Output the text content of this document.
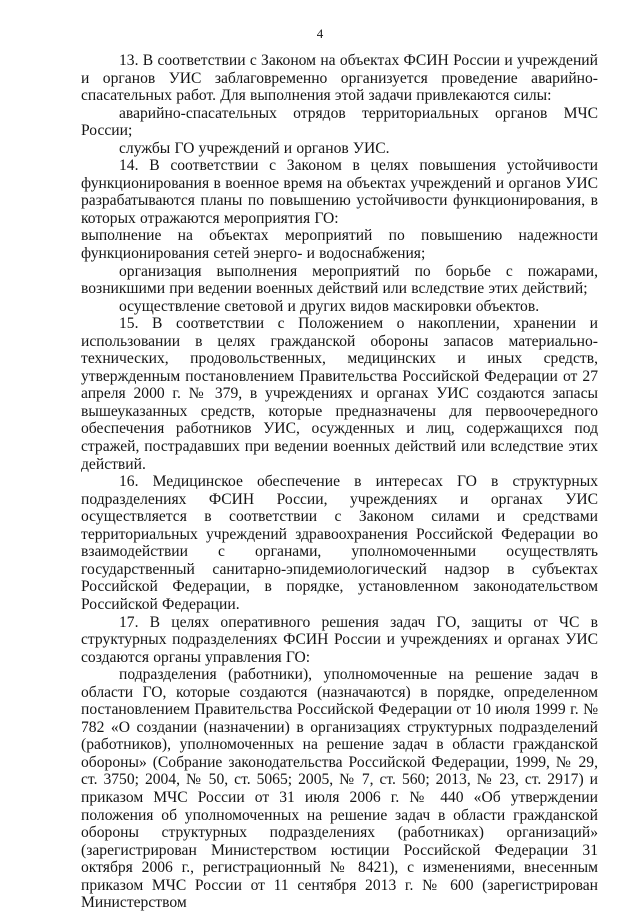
4

13. В соответствии с Законом на объектах ФСИН России и учреждений и органов УИС заблаговременно организуется проведение аварийно-спасательных работ. Для выполнения этой задачи привлекаются силы:

аварийно-спасательных отрядов территориальных органов МЧС России;

службы ГО учреждений и органов УИС.

14. В соответствии с Законом в целях повышения устойчивости функционирования в военное время на объектах учреждений и органов УИС разрабатываются планы по повышению устойчивости функционирования, в которых отражаются мероприятия ГО:

выполнение на объектах мероприятий по повышению надежности функционирования сетей энерго- и водоснабжения;

организация выполнения мероприятий по борьбе с пожарами, возникшими при ведении военных действий или вследствие этих действий;

осуществление световой и других видов маскировки объектов.

15. В соответствии с Положением о накоплении, хранении и использовании в целях гражданской обороны запасов материально-технических, продовольственных, медицинских и иных средств, утвержденным постановлением Правительства Российской Федерации от 27 апреля 2000 г. № 379, в учреждениях и органах УИС создаются запасы вышеуказанных средств, которые предназначены для первоочередного обеспечения работников УИС, осужденных и лиц, содержащихся под стражей, пострадавших при ведении военных действий или вследствие этих действий.

16. Медицинское обеспечение в интересах ГО в структурных подразделениях ФСИН России, учреждениях и органах УИС осуществляется в соответствии с Законом силами и средствами территориальных учреждений здравоохранения Российской Федерации во взаимодействии с органами, уполномоченными осуществлять государственный санитарно-эпидемиологический надзор в субъектах Российской Федерации, в порядке, установленном законодательством Российской Федерации.

17. В целях оперативного решения задач ГО, защиты от ЧС в структурных подразделениях ФСИН России и учреждениях и органах УИС создаются органы управления ГО:

подразделения (работники), уполномоченные на решение задач в области ГО, которые создаются (назначаются) в порядке, определенном постановлением Правительства Российской Федерации от 10 июля 1999 г. № 782 «О создании (назначении) в организациях структурных подразделений (работников), уполномоченных на решение задач в области гражданской обороны» (Собрание законодательства Российской Федерации, 1999, № 29, ст. 3750; 2004, № 50, ст. 5065; 2005, № 7, ст. 560; 2013, № 23, ст. 2917) и приказом МЧС России от 31 июля 2006 г. № 440 «Об утверждении положения об уполномоченных на решение задач в области гражданской обороны структурных подразделениях (работниках) организаций» (зарегистрирован Министерством юстиции Российской Федерации 31 октября 2006 г., регистрационный № 8421), с изменениями, внесенным приказом МЧС России от 11 сентября 2013 г. № 600 (зарегистрирован Министерством
